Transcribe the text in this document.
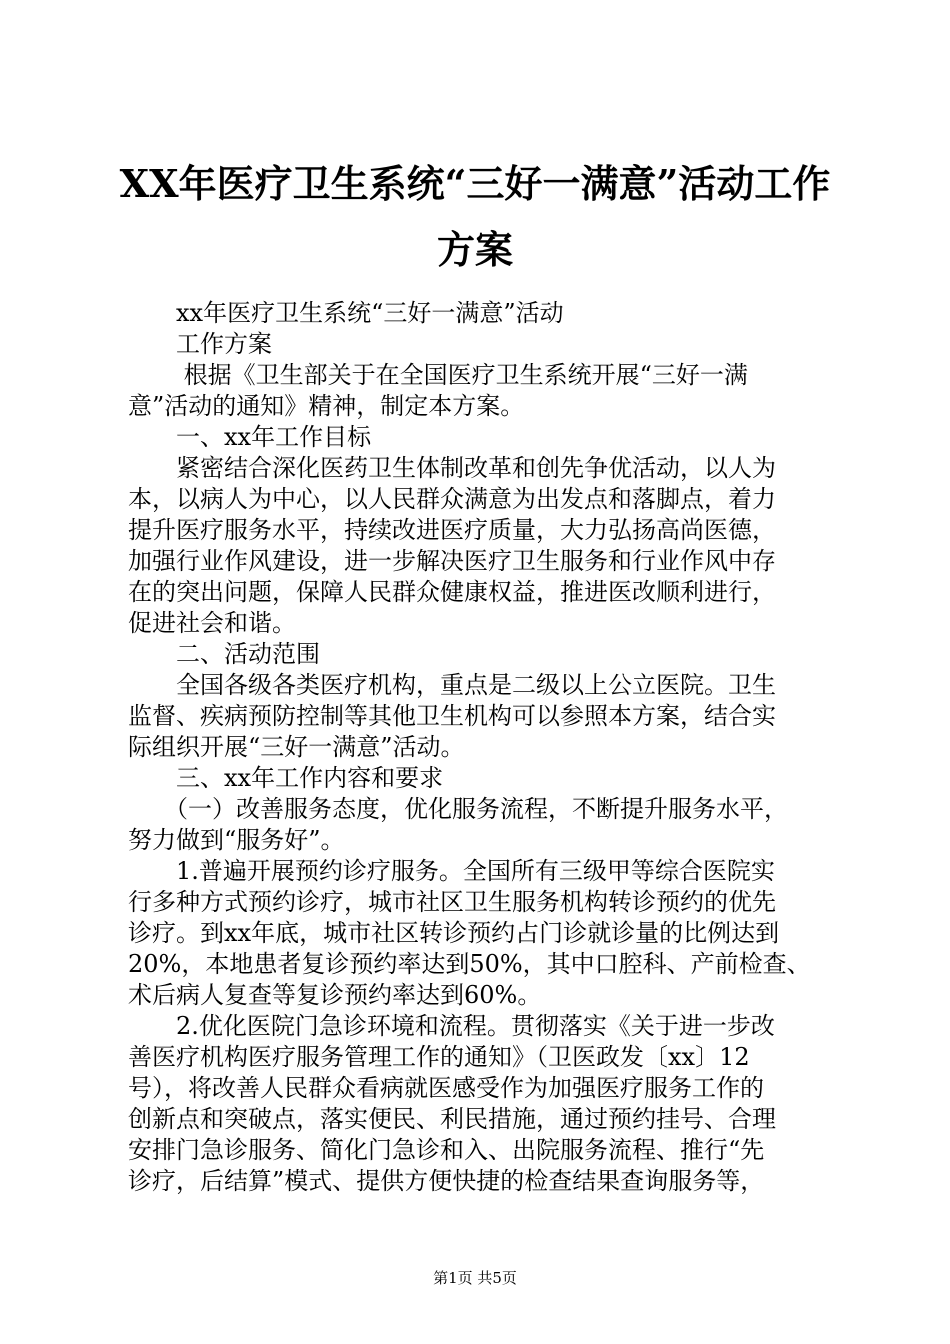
XX年医疗卫生系统“三好一满意”活动工作
方案
　　xx年医疗卫生系统“三好一满意”活动
　　工作方案
　　 根据《卫生部关于在全国医疗卫生系统开展“三好一满
意”活动的通知》精神，制定本方案。
　　一、xx年工作目标
　　紧密结合深化医药卫生体制改革和创先争优活动，以人为
本，以病人为中心，以人民群众满意为出发点和落脚点，着力
提升医疗服务水平，持续改进医疗质量，大力弘扬高尚医德，
加强行业作风建设，进一步解决医疗卫生服务和行业作风中存
在的突出问题，保障人民群众健康权益，推进医改顺利进行，
促进社会和谐。
　　二、活动范围
　　全国各级各类医疗机构，重点是二级以上公立医院。卫生
监督、疾病预防控制等其他卫生机构可以参照本方案，结合实
际组织开展“三好一满意”活动。
　　三、xx年工作内容和要求
　　（一）改善服务态度，优化服务流程，不断提升服务水平，
努力做到“服务好”。
　　1.普遍开展预约诊疗服务。全国所有三级甲等综合医院实
行多种方式预约诊疗，城市社区卫生服务机构转诊预约的优先
诊疗。到xx年底，城市社区转诊预约占门诊就诊量的比例达到
20%，本地患者复诊预约率达到50%，其中口腔科、产前检查、
术后病人复查等复诊预约率达到60%。
　　2.优化医院门急诊环境和流程。贯彻落实《关于进一步改
善医疗机构医疗服务管理工作的通知》（卫医政发〔xx〕12
号），将改善人民群众看病就医感受作为加强医疗服务工作的
创新点和突破点，落实便民、利民措施，通过预约挂号、合理
安排门急诊服务、简化门急诊和入、出院服务流程、推行“先
诊疗，后结算”模式、提供方便快捷的检查结果查询服务等，
第1页 共5页
